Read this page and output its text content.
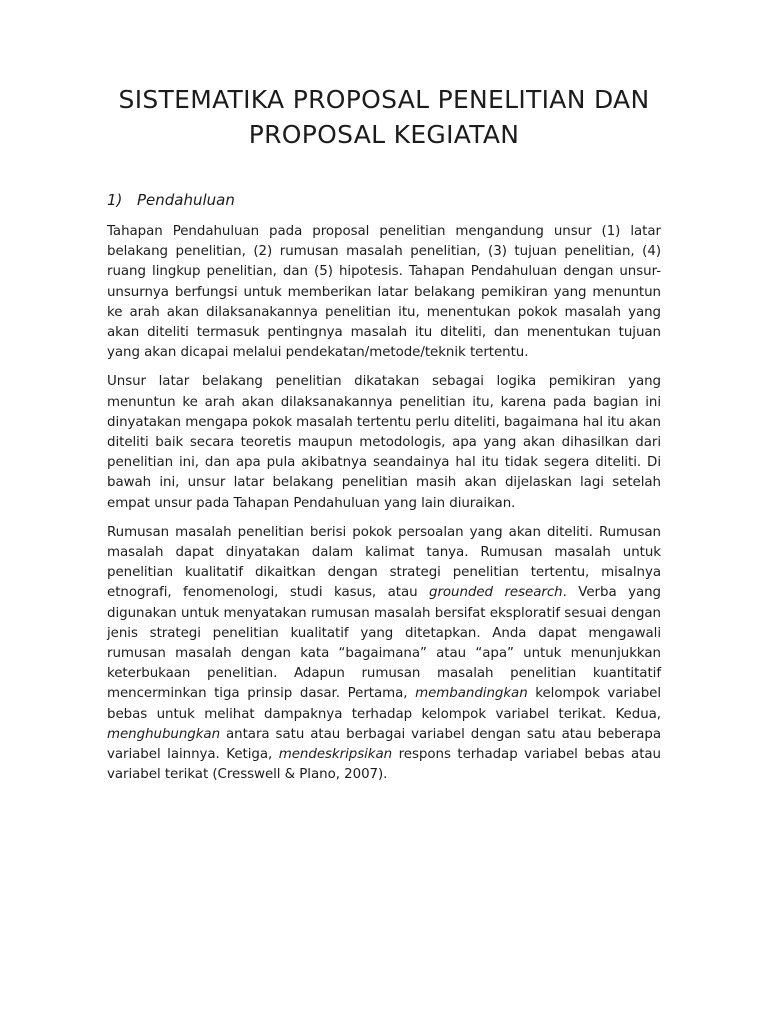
SISTEMATIKA PROPOSAL PENELITIAN DAN
PROPOSAL KEGIATAN
1) Pendahuluan

Tahapan Pendahuluan pada proposal penelitian mengandung unsur (1) latar belakang penelitian, (2) rumusan masalah penelitian, (3) tujuan penelitian, (4) ruang lingkup penelitian, dan (5) hipotesis. Tahapan Pendahuluan dengan unsur-unsurnya berfungsi untuk memberikan latar belakang pemikiran yang menuntun ke arah akan dilaksanakannya penelitian itu, menentukan pokok masalah yang akan diteliti termasuk pentingnya masalah itu diteliti, dan menentukan tujuan yang akan dicapai melalui pendekatan/metode/teknik tertentu.

Unsur latar belakang penelitian dikatakan sebagai logika pemikiran yang menuntun ke arah akan dilaksanakannya penelitian itu, karena pada bagian ini dinyatakan mengapa pokok masalah tertentu perlu diteliti, bagaimana hal itu akan diteliti baik secara teoretis maupun metodologis, apa yang akan dihasilkan dari penelitian ini, dan apa pula akibatnya seandainya hal itu tidak segera diteliti. Di bawah ini, unsur latar belakang penelitian masih akan dijelaskan lagi setelah empat unsur pada Tahapan Pendahuluan yang lain diuraikan.

Rumusan masalah penelitian berisi pokok persoalan yang akan diteliti. Rumusan masalah dapat dinyatakan dalam kalimat tanya. Rumusan masalah untuk penelitian kualitatif dikaitkan dengan strategi penelitian tertentu, misalnya etnografi, fenomenologi, studi kasus, atau grounded research. Verba yang digunakan untuk menyatakan rumusan masalah bersifat eksploratif sesuai dengan jenis strategi penelitian kualitatif yang ditetapkan. Anda dapat mengawali rumusan masalah dengan kata “bagaimana” atau “apa” untuk menunjukkan keterbukaan penelitian. Adapun rumusan masalah penelitian kuantitatif mencerminkan tiga prinsip dasar. Pertama, membandingkan kelompok variabel bebas untuk melihat dampaknya terhadap kelompok variabel terikat. Kedua, menghubungkan antara satu atau berbagai variabel dengan satu atau beberapa variabel lainnya. Ketiga, mendeskripsikan respons terhadap variabel bebas atau variabel terikat (Cresswell & Plano, 2007).
